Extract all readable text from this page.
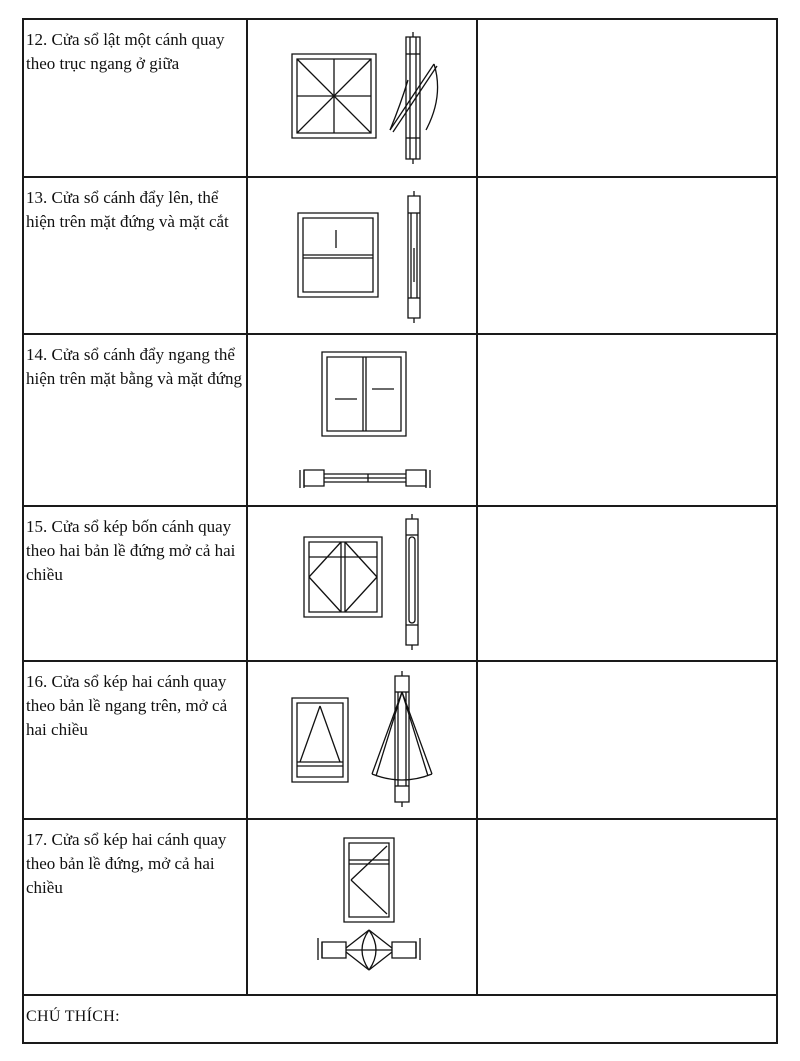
12. Cửa sổ lật một cánh quay theo trục ngang ở giữa

13. Cửa sổ cánh đẩy lên, thể hiện trên mặt đứng và mặt cắt

14. Cửa sổ cánh đẩy ngang thể hiện trên mặt bằng và mặt đứng

15. Cửa sổ kép bốn cánh quay theo hai bản lề đứng mở cả hai chiều

16. Cửa sổ kép hai cánh quay theo bản lề ngang trên, mở cả hai chiều

17. Cửa sổ kép hai cánh quay theo bản lề đứng, mở cả hai chiều

CHÚ THÍCH:		
